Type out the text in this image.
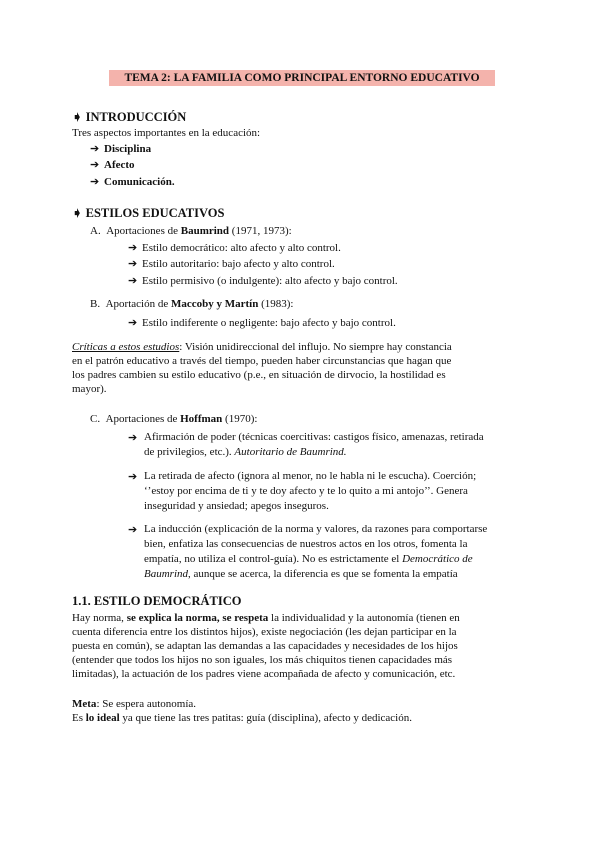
TEMA 2: LA FAMILIA COMO PRINCIPAL ENTORNO EDUCATIVO
➧ INTRODUCCIÓN
Tres aspectos importantes en la educación:
➔ Disciplina
➔ Afecto
➔ Comunicación.
➧ ESTILOS EDUCATIVOS
A. Aportaciones de Baumrind (1971, 1973):
➔ Estilo democrático: alto afecto y alto control.
➔ Estilo autoritario: bajo afecto y alto control.
➔ Estilo permisivo (o indulgente): alto afecto y bajo control.
B. Aportación de Maccoby y Martín (1983):
➔ Estilo indiferente o negligente: bajo afecto y bajo control.
Críticas a estos estudios: Visión unidireccional del influjo. No siempre hay constancia
en el patrón educativo a través del tiempo, pueden haber circunstancias que hagan que
los padres cambien su estilo educativo (p.e., en situación de dirvocio, la hostilidad es
mayor).
C. Aportaciones de Hoffman (1970):
➔ Afirmación de poder (técnicas coercitivas: castigos físico, amenazas, retirada
de privilegios, etc.). Autoritario de Baumrind.
➔ La retirada de afecto (ignora al menor, no le habla ni le escucha). Coerción;
‘’estoy por encima de ti y te doy afecto y te lo quito a mi antojo’’. Genera
inseguridad y ansiedad; apegos inseguros.
➔ La inducción (explicación de la norma y valores, da razones para comportarse
bien, enfatiza las consecuencias de nuestros actos en los otros, fomenta la
empatía, no utiliza el control-guía). No es estrictamente el Democrático de
Baumrind, aunque se acerca, la diferencia es que se fomenta la empatía
1.1. ESTILO DEMOCRÁTICO
Hay norma, se explica la norma, se respeta la individualidad y la autonomía (tienen en
cuenta diferencia entre los distintos hijos), existe negociación (les dejan participar en la
puesta en común), se adaptan las demandas a las capacidades y necesidades de los hijos
(entender que todos los hijos no son iguales, los más chiquitos tienen capacidades más
limitadas), la actuación de los padres viene acompañada de afecto y comunicación, etc.
Meta: Se espera autonomía.
Es lo ideal ya que tiene las tres patitas: guía (disciplina), afecto y dedicación.
